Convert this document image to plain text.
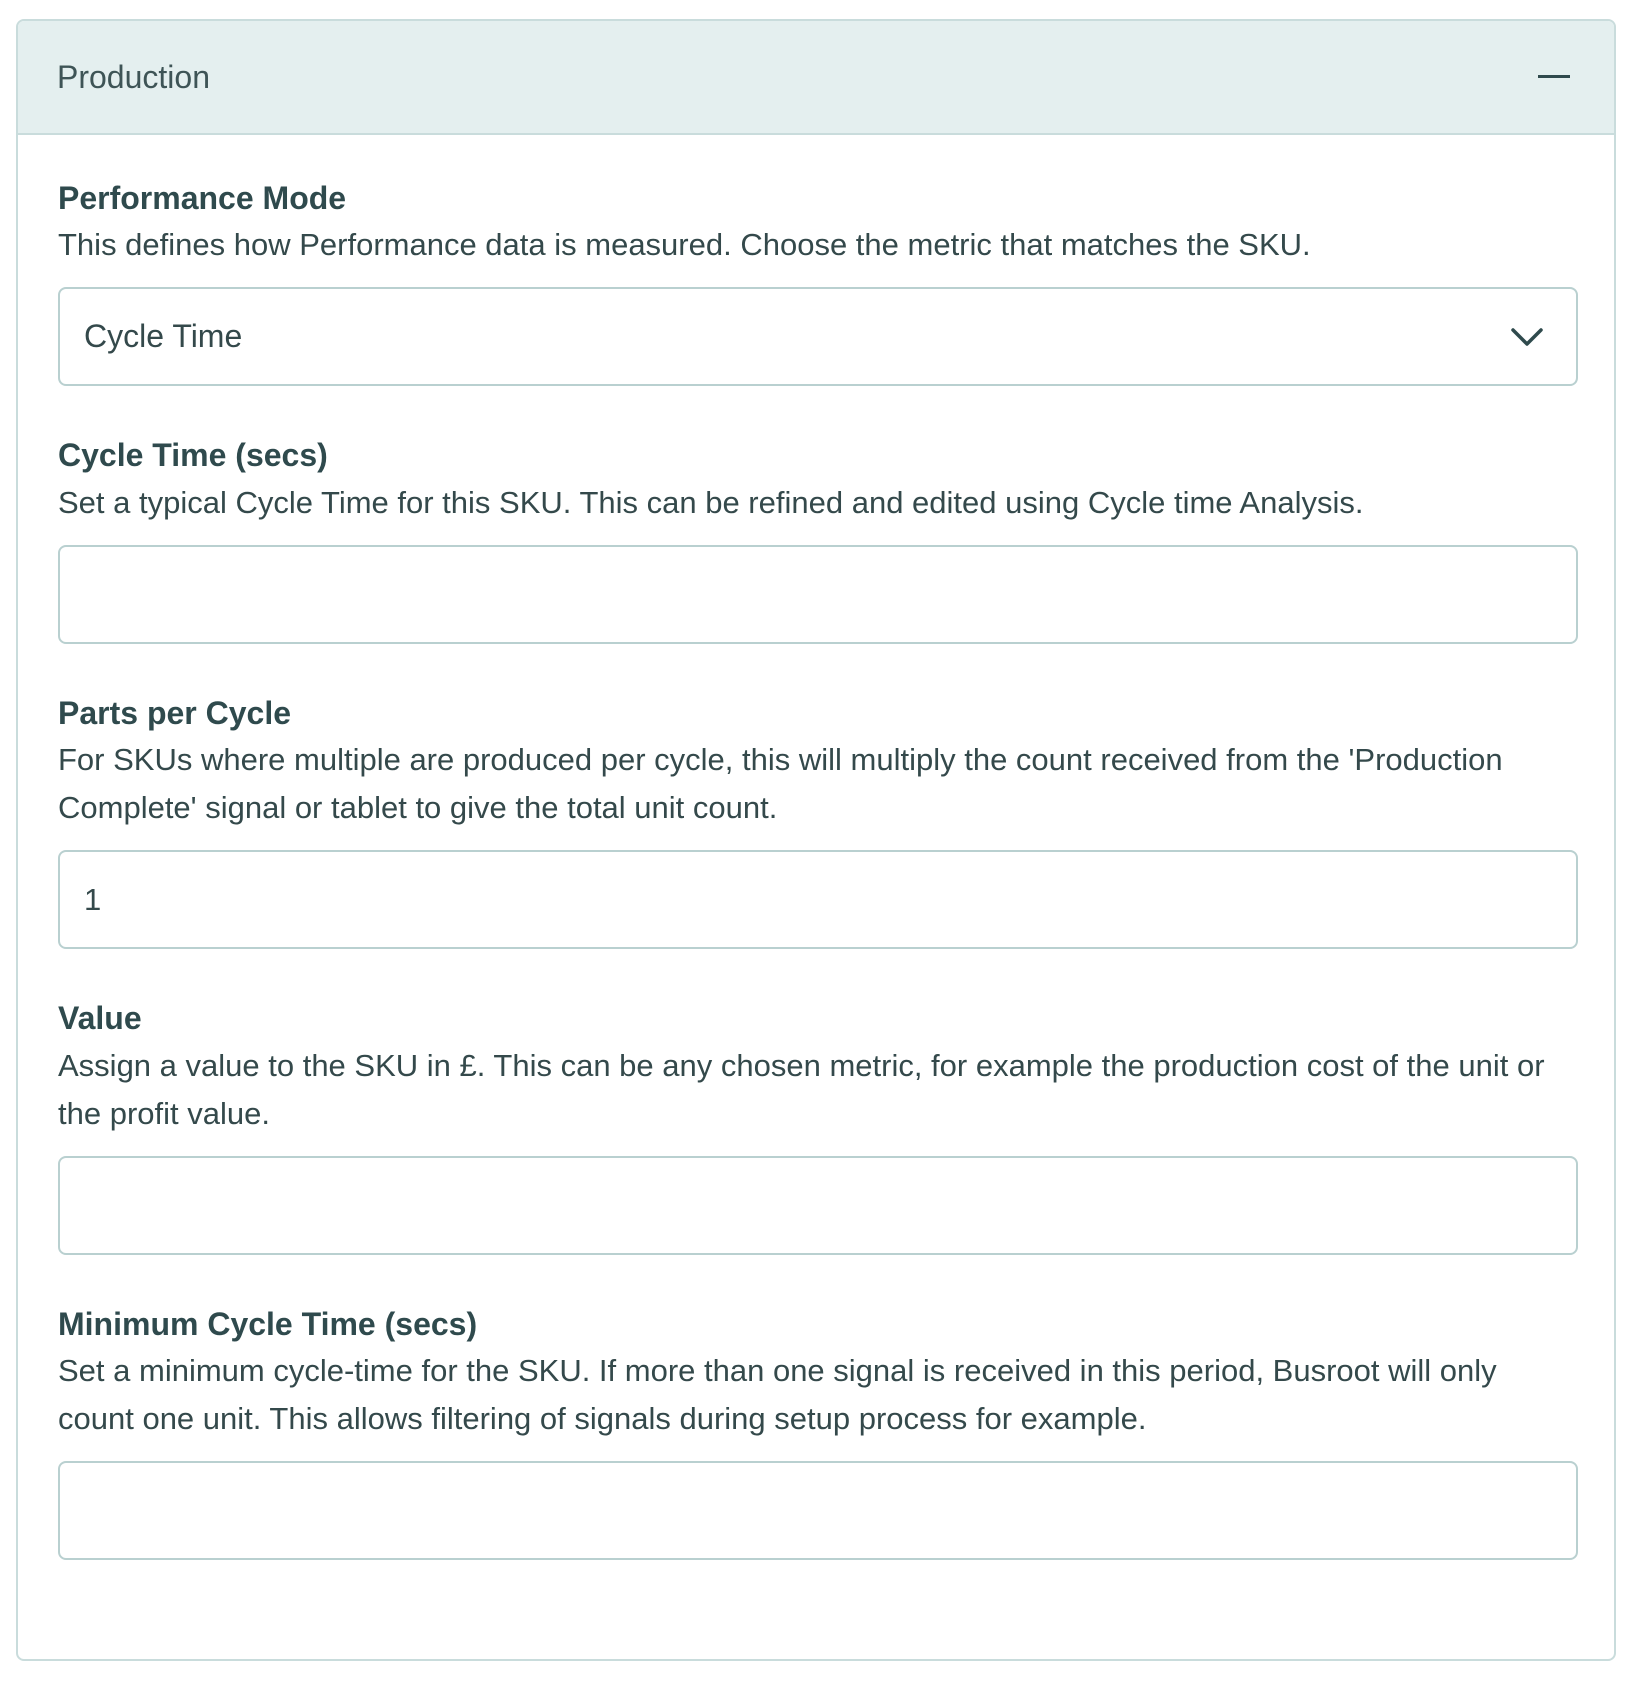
Production

Performance Mode

This defines how Performance data is measured. Choose the metric that matches the SKU.

Cycle Time

Cycle Time (secs)

Set a typical Cycle Time for this SKU. This can be refined and edited using Cycle time Analysis.

Parts per Cycle

For SKUs where multiple are produced per cycle, this will multiply the count received from the 'Production Complete' signal or tablet to give the total unit count.

1

Value

Assign a value to the SKU in £. This can be any chosen metric, for example the production cost of the unit or the profit value.

Minimum Cycle Time (secs)

Set a minimum cycle-time for the SKU. If more than one signal is received in this period, Busroot will only count one unit. This allows filtering of signals during setup process for example.
